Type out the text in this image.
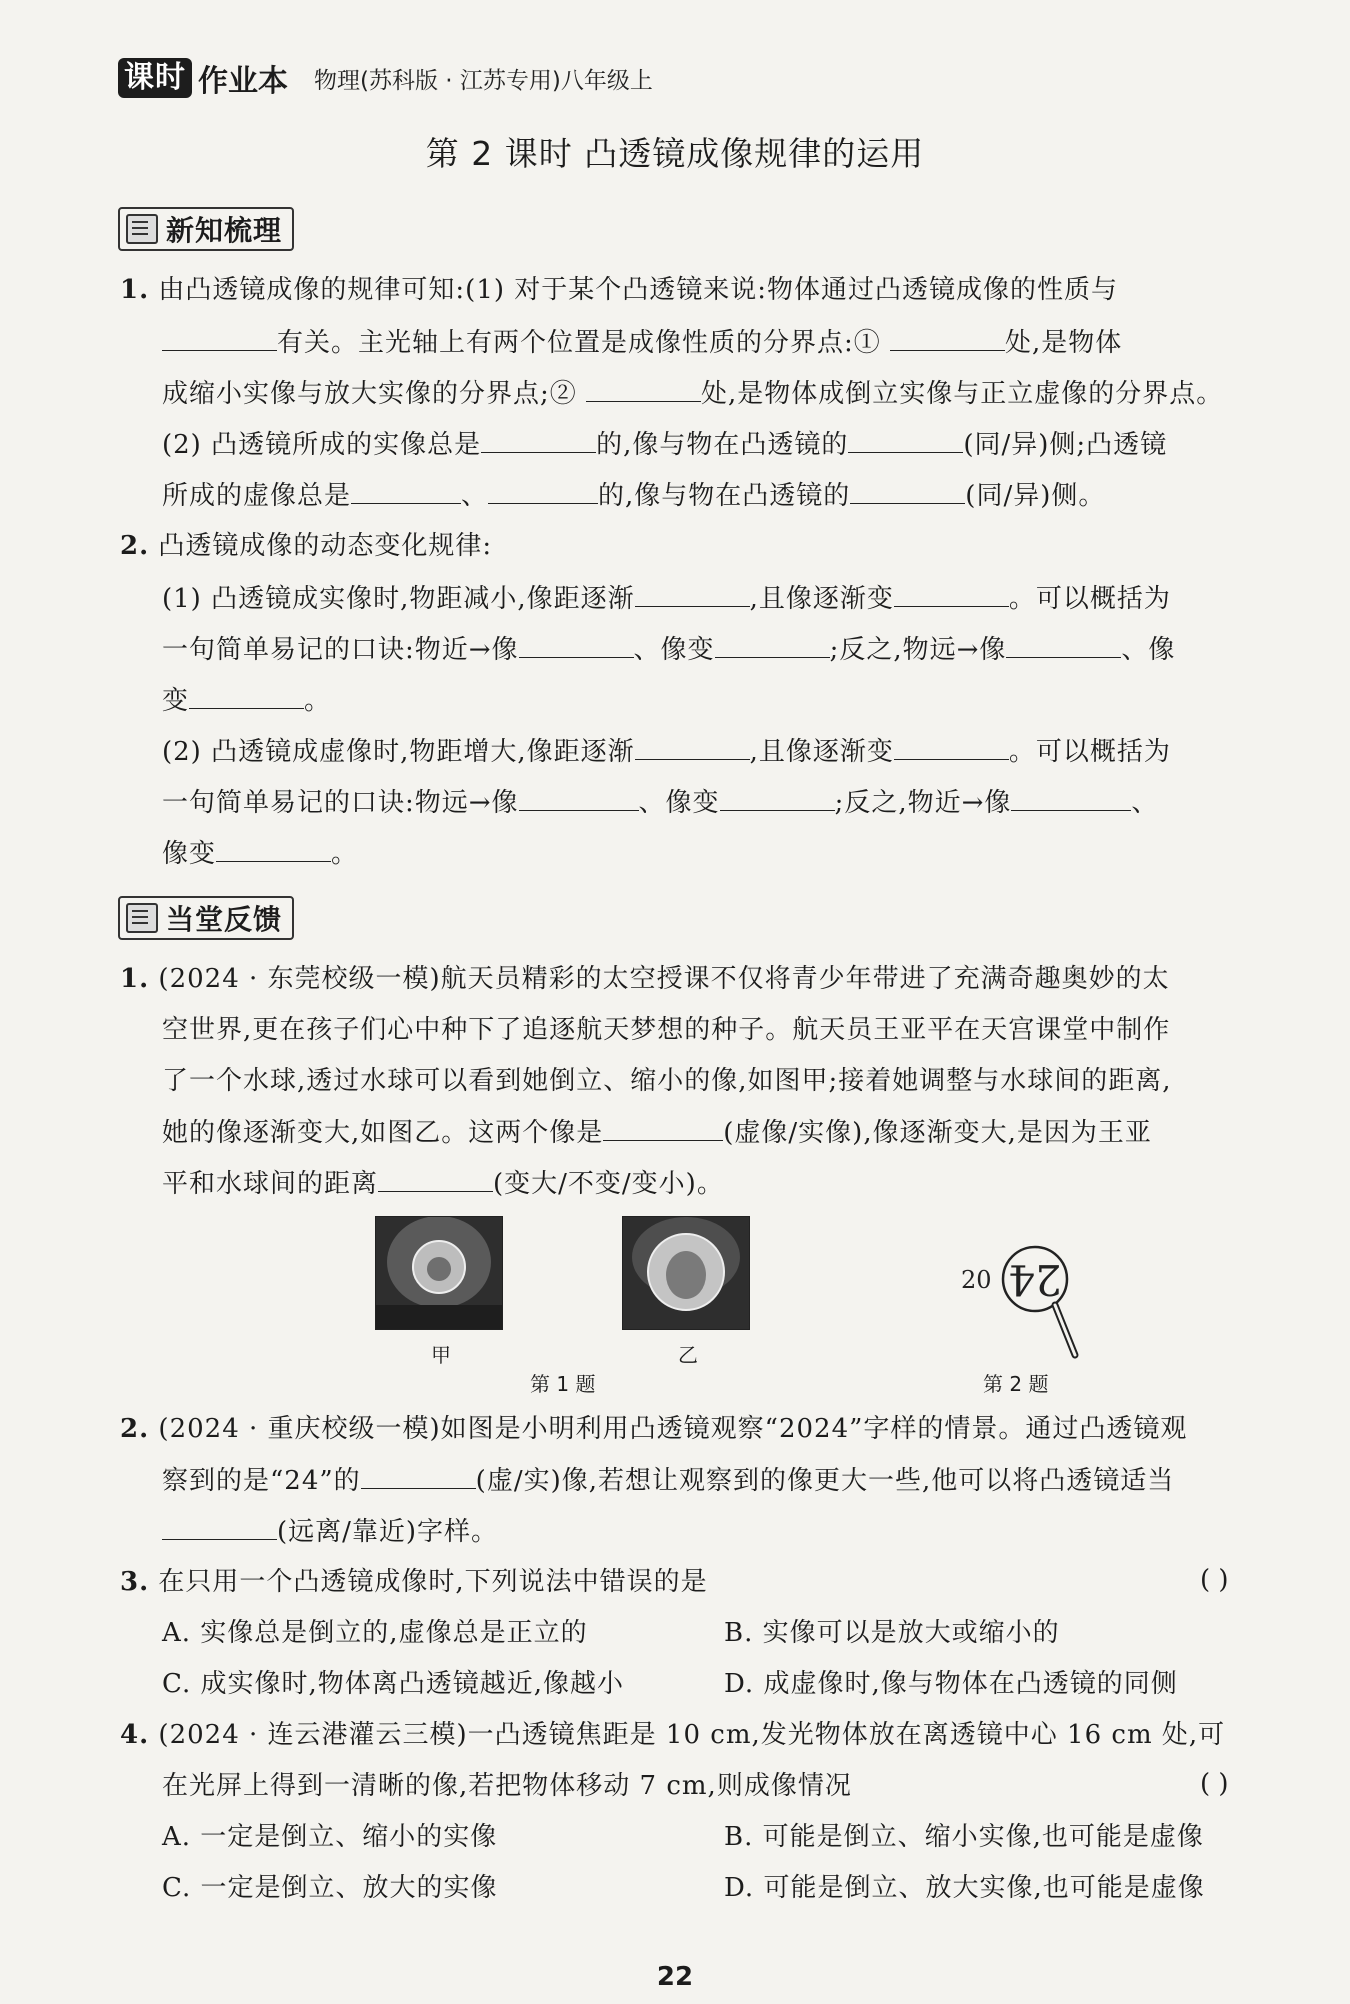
课时 作业本 物理(苏科版 · 江苏专用)八年级上
第 2 课时 凸透镜成像规律的运用
新知梳理
1. 由凸透镜成像的规律可知:(1) 对于某个凸透镜来说:物体通过凸透镜成像的性质与
有关。主光轴上有两个位置是成像性质的分界点:①	处,是物体
成缩小实像与放大实像的分界点;②	处,是物体成倒立实像与正立虚像的分界点。
(2) 凸透镜所成的实像总是	的,像与物在凸透镜的	(同/异)侧;凸透镜
所成的虚像总是	、	的,像与物在凸透镜的	(同/异)侧。
2. 凸透镜成像的动态变化规律:
(1) 凸透镜成实像时,物距减小,像距逐渐	,且像逐渐变	。可以概括为
一句简单易记的口诀:物近→像	、像变	;反之,物远→像	、像
变	。
(2) 凸透镜成虚像时,物距增大,像距逐渐	,且像逐渐变	。可以概括为
一句简单易记的口诀:物远→像	、像变	;反之,物近→像	、
像变	。
当堂反馈
1. (2024 · 东莞校级一模)航天员精彩的太空授课不仅将青少年带进了充满奇趣奥妙的太
空世界,更在孩子们心中种下了追逐航天梦想的种子。航天员王亚平在天宫课堂中制作
了一个水球,透过水球可以看到她倒立、缩小的像,如图甲;接着她调整与水球间的距离,
她的像逐渐变大,如图乙。这两个像是	(虚像/实像),像逐渐变大,是因为王亚
平和水球间的距离	(变大/不变/变小)。
甲	乙
第 1 题
20 24
第 2 题
2. (2024 · 重庆校级一模)如图是小明利用凸透镜观察“2024”字样的情景。通过凸透镜观
察到的是“24”的	(虚/实)像,若想让观察到的像更大一些,他可以将凸透镜适当
(远离/靠近)字样。
3. 在只用一个凸透镜成像时,下列说法中错误的是	( )
A. 实像总是倒立的,虚像总是正立的	B. 实像可以是放大或缩小的
C. 成实像时,物体离凸透镜越近,像越小	D. 成虚像时,像与物体在凸透镜的同侧
4. (2024 · 连云港灌云三模)一凸透镜焦距是 10 cm,发光物体放在离透镜中心 16 cm 处,可
在光屏上得到一清晰的像,若把物体移动 7 cm,则成像情况	( )
A. 一定是倒立、缩小的实像	B. 可能是倒立、缩小实像,也可能是虚像
C. 一定是倒立、放大的实像	D. 可能是倒立、放大实像,也可能是虚像
22
